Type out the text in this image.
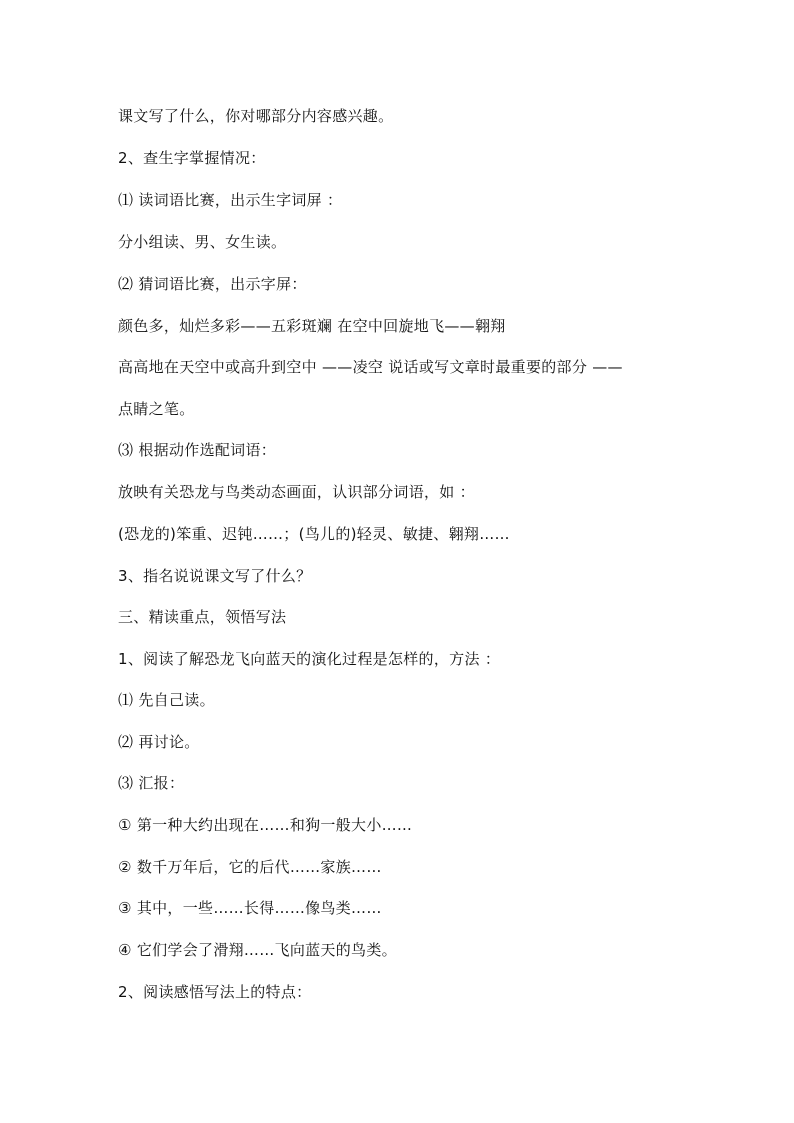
课文写了什么，你对哪部分内容感兴趣。
2、查生字掌握情况：
⑴ 读词语比赛，出示生字词屏 ：
分小组读、男、女生读。
⑵ 猜词语比赛，出示字屏：
颜色多，灿烂多彩——五彩斑斓 在空中回旋地飞——翱翔
高高地在天空中或高升到空中 ——凌空 说话或写文章时最重要的部分 ——
点睛之笔。
⑶ 根据动作选配词语：
放映有关恐龙与鸟类动态画面，认识部分词语，如 ：
(恐龙的)笨重、迟钝……；(鸟儿的)轻灵、敏捷、翱翔……
3、指名说说课文写了什么？
三、精读重点，领悟写法
1、阅读了解恐龙飞向蓝天的演化过程是怎样的，方法 ：
⑴ 先自己读。
⑵ 再讨论。
⑶ 汇报：
① 第一种大约出现在……和狗一般大小……
② 数千万年后，它的后代……家族……
③ 其中，一些……长得……像鸟类……
④ 它们学会了滑翔……飞向蓝天的鸟类。
2、阅读感悟写法上的特点：
